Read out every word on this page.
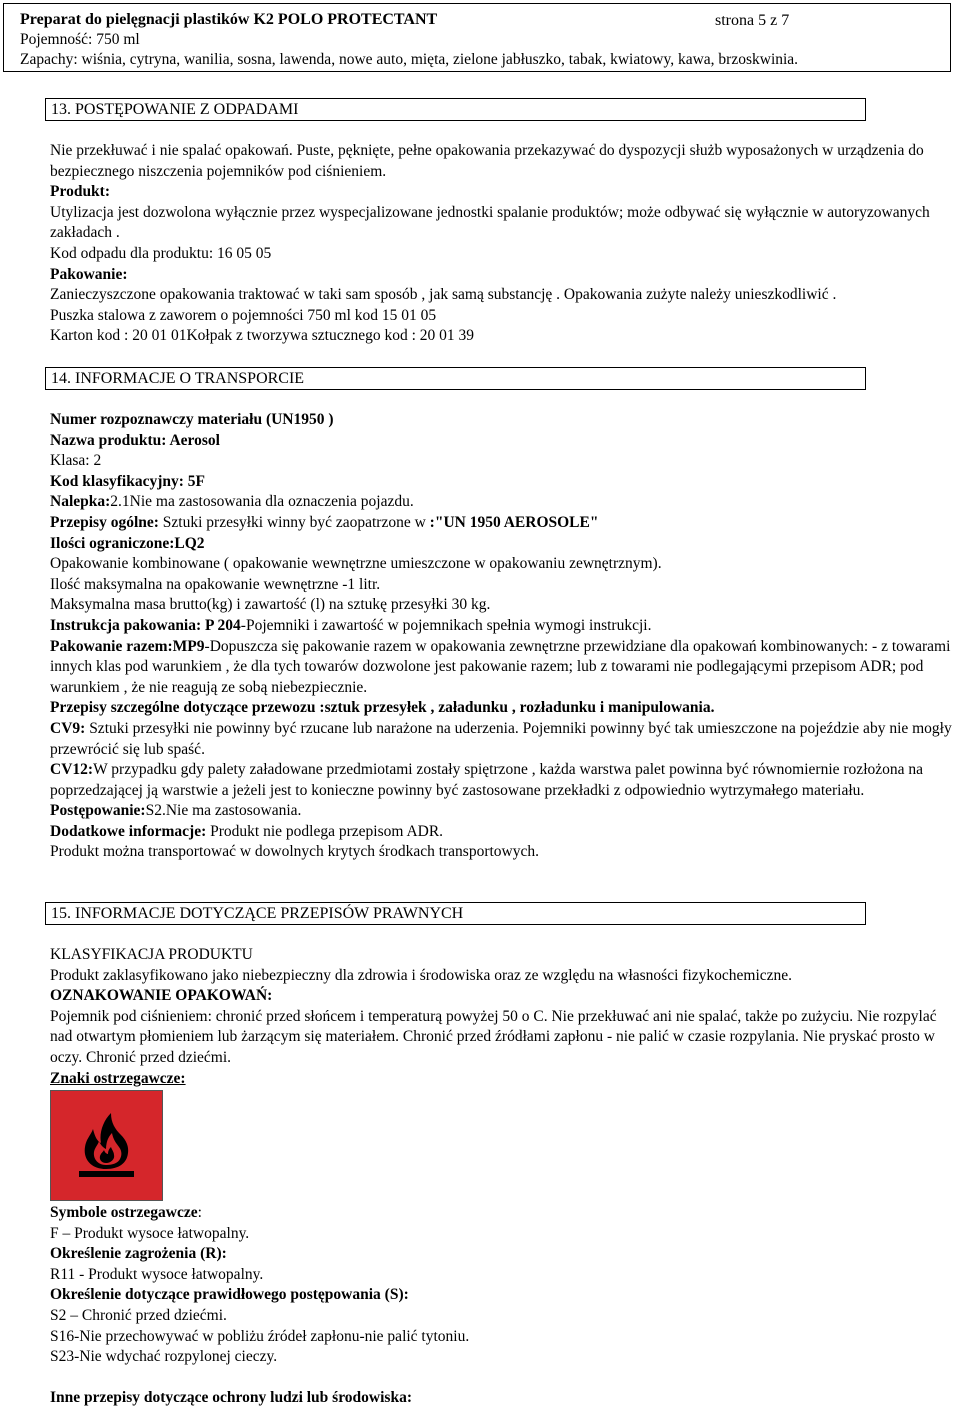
Preparat do pielęgnacji plastików K2 POLO PROTECTANT	strona 5 z 7
Pojemność: 750 ml
Zapachy: wiśnia, cytryna, wanilia, sosna, lawenda, nowe auto, mięta, zielone jabłuszko, tabak, kwiatowy, kawa, brzoskwinia.
13. POSTĘPOWANIE Z ODPADAMI

Nie przekłuwać i nie spalać opakowań. Puste, pęknięte, pełne opakowania przekazywać do dyspozycji służb wyposażonych w urządzenia do bezpiecznego niszczenia pojemników pod ciśnieniem.

Produkt:

Utylizacja jest dozwolona wyłącznie przez wyspecjalizowane jednostki spalanie produktów; może odbywać się wyłącznie w autoryzowanych zakładach .

Kod odpadu dla produktu: 16 05 05

Pakowanie:

Zanieczyszczone opakowania traktować w taki sam sposób , jak samą substancję . Opakowania zużyte należy unieszkodliwić .

Puszka stalowa z zaworem o pojemności 750 ml kod 15 01 05

Karton kod : 20 01 01Kołpak z tworzywa sztucznego kod : 20 01 39

14. INFORMACJE O TRANSPORCIE

Numer rozpoznawczy materiału (UN1950 )

Nazwa produktu: Aerosol

Klasa: 2

Kod klasyfikacyjny: 5F

Nalepka:2.1Nie ma zastosowania dla oznaczenia pojazdu.

Przepisy ogólne: Sztuki przesyłki winny być zaopatrzone w :"UN 1950 AEROSOLE"

Ilości ograniczone:LQ2

Opakowanie kombinowane ( opakowanie wewnętrzne umieszczone w opakowaniu zewnętrznym).

Ilość maksymalna na opakowanie wewnętrzne -1 litr.

Maksymalna masa brutto(kg) i zawartość (l) na sztukę przesyłki 30 kg.

Instrukcja pakowania: P 204-Pojemniki i zawartość w pojemnikach spełnia wymogi instrukcji.

Pakowanie razem:MP9-Dopuszcza się pakowanie razem w opakowania zewnętrzne przewidziane dla opakowań kombinowanych: - z towarami innych klas pod warunkiem , że dla tych towarów dozwolone jest pakowanie razem; lub z towarami nie podlegającymi przepisom ADR; pod warunkiem , że nie reagują ze sobą niebezpiecznie.

Przepisy szczególne dotyczące przewozu :sztuk przesyłek , załadunku , rozładunku i manipulowania.

CV9: Sztuki przesyłki nie powinny być rzucane lub narażone na uderzenia. Pojemniki powinny być tak umieszczone na pojeździe aby nie mogły przewrócić się lub spaść.

CV12:W przypadku gdy palety załadowane przedmiotami zostały spiętrzone , każda warstwa palet powinna być równomiernie rozłożona na poprzedzającej ją warstwie a jeżeli jest to konieczne powinny być zastosowane przekładki z odpowiednio wytrzymałego materiału.

Postępowanie:S2.Nie ma zastosowania.

Dodatkowe informacje: Produkt nie podlega przepisom ADR.

Produkt można transportować w dowolnych krytych środkach transportowych.

15. INFORMACJE DOTYCZĄCE PRZEPISÓW PRAWNYCH

KLASYFIKACJA PRODUKTU

Produkt zaklasyfikowano jako niebezpieczny dla zdrowia i środowiska oraz ze względu na własności fizykochemiczne.

OZNAKOWANIE OPAKOWAŃ:

Pojemnik pod ciśnieniem: chronić przed słońcem i temperaturą powyżej 50 o C. Nie przekłuwać ani nie spalać, także po zużyciu. Nie rozpylać nad otwartym płomieniem lub żarzącym się materiałem. Chronić przed źródłami zapłonu - nie palić w czasie rozpylania. Nie pryskać prosto w oczy. Chronić przed dziećmi.

Znaki ostrzegawcze:

Symbole ostrzegawcze:

F – Produkt wysoce łatwopalny.

Określenie zagrożenia (R):

R11 - Produkt wysoce łatwopalny.

Określenie dotyczące prawidłowego postępowania (S):

S2 – Chronić przed dziećmi.

S16-Nie przechowywać w pobliżu źródeł zapłonu-nie palić tytoniu.

S23-Nie wdychać rozpylonej cieczy.

Inne przepisy dotyczące ochrony ludzi lub środowiska:
